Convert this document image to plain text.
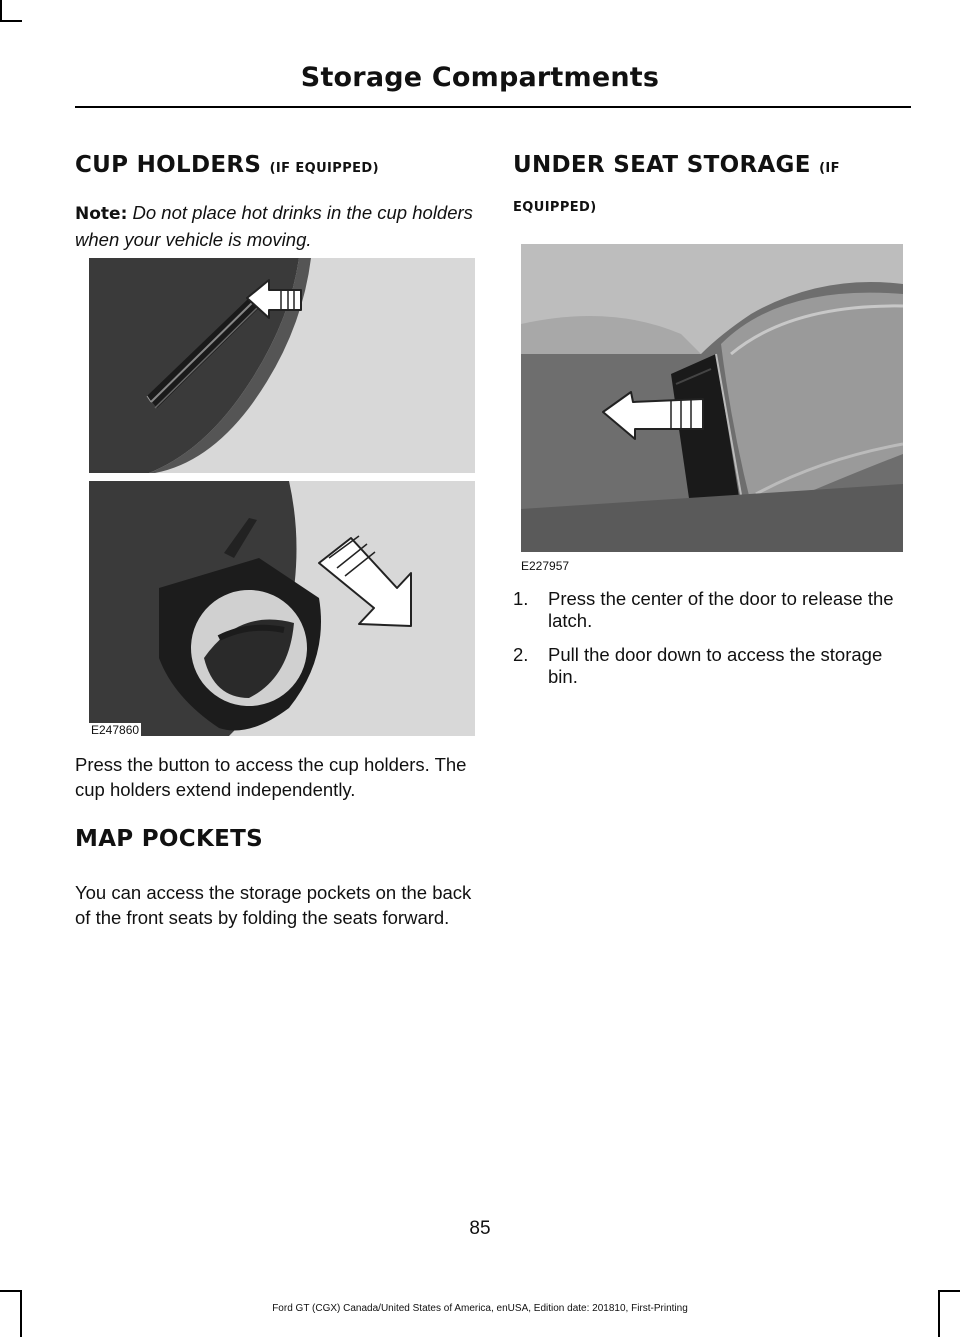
Storage Compartments
CUP HOLDERS (IF EQUIPPED)

Note: Do not place hot drinks in the cup holders when your vehicle is moving.

E247860

Press the button to access the cup holders. The cup holders extend independently.

MAP POCKETS

You can access the storage pockets on the back of the front seats by folding the seats forward.

UNDER SEAT STORAGE (IF
EQUIPPED)
E227957
1. Press the center of the door to release the latch.
2. Pull the door down to access the storage bin.
85
Ford GT (CGX) Canada/United States of America, enUSA, Edition date: 201810, First-Printing
